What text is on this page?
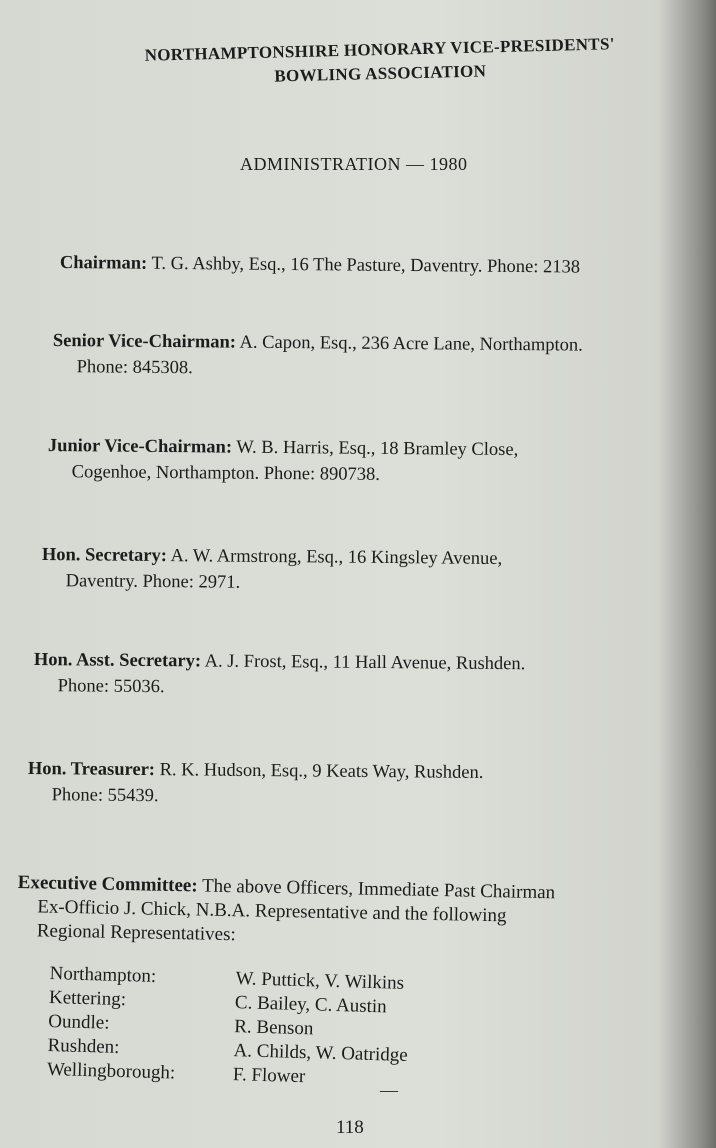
NORTHAMPTONSHIRE HONORARY VICE-PRESIDENTS'
BOWLING ASSOCIATION
ADMINISTRATION — 1980
Chairman: T. G. Ashby, Esq., 16 The Pasture, Daventry. Phone: 2138
Senior Vice-Chairman: A. Capon, Esq., 236 Acre Lane, Northampton.
Phone: 845308.
Junior Vice-Chairman: W. B. Harris, Esq., 18 Bramley Close,
Cogenhoe, Northampton. Phone: 890738.
Hon. Secretary: A. W. Armstrong, Esq., 16 Kingsley Avenue,
Daventry. Phone: 2971.
Hon. Asst. Secretary: A. J. Frost, Esq., 11 Hall Avenue, Rushden.
Phone: 55036.
Hon. Treasurer: R. K. Hudson, Esq., 9 Keats Way, Rushden.
Phone: 55439.
Executive Committee: The above Officers, Immediate Past Chairman
Ex-Officio J. Chick, N.B.A. Representative and the following
Regional Representatives:
Northampton:	W. Puttick, V. Wilkins
Kettering:	C. Bailey, C. Austin
Oundle:	R. Benson
Rushden:	A. Childs, W. Oatridge
Wellingborough:	F. Flower
—
118
